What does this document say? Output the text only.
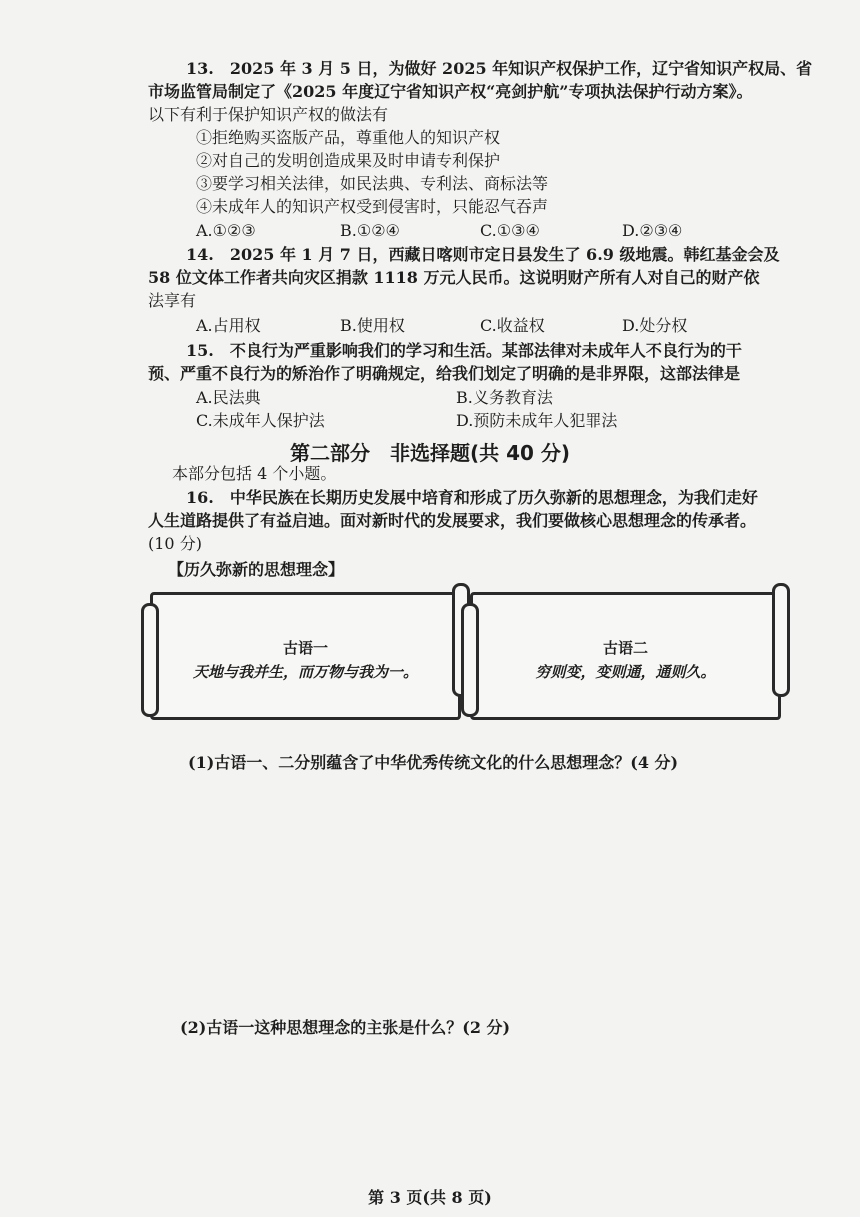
13.　2025 年 3 月 5 日，为做好 2025 年知识产权保护工作，辽宁省知识产权局、省
市场监管局制定了《2025 年度辽宁省知识产权“亮剑护航”专项执法保护行动方案》。
以下有利于保护知识产权的做法有
①拒绝购买盗版产品，尊重他人的知识产权
②对自己的发明创造成果及时申请专利保护
③要学习相关法律，如民法典、专利法、商标法等
④未成年人的知识产权受到侵害时，只能忍气吞声
A.①②③	B.①②④	C.①③④	D.②③④
14.　2025 年 1 月 7 日，西藏日喀则市定日县发生了 6.9 级地震。韩红基金会及
58 位文体工作者共向灾区捐款 1118 万元人民币。这说明财产所有人对自己的财产依
法享有
A.占用权	B.使用权	C.收益权	D.处分权
15.　不良行为严重影响我们的学习和生活。某部法律对未成年人不良行为的干
预、严重不良行为的矫治作了明确规定，给我们划定了明确的是非界限，这部法律是
A.民法典	B.义务教育法
C.未成年人保护法	D.预防未成年人犯罪法
第二部分　非选择题(共 40 分)
本部分包括 4 个小题。
16.　中华民族在长期历史发展中培育和形成了历久弥新的思想理念，为我们走好
人生道路提供了有益启迪。面对新时代的发展要求，我们要做核心思想理念的传承者。
(10 分)
【历久弥新的思想理念】
古语一
天地与我并生，而万物与我为一。
古语二
穷则变，变则通，通则久。
(1)古语一、二分别蕴含了中华优秀传统文化的什么思想理念？(4 分)
(2)古语一这种思想理念的主张是什么？(2 分)
第 3 页(共 8 页)
